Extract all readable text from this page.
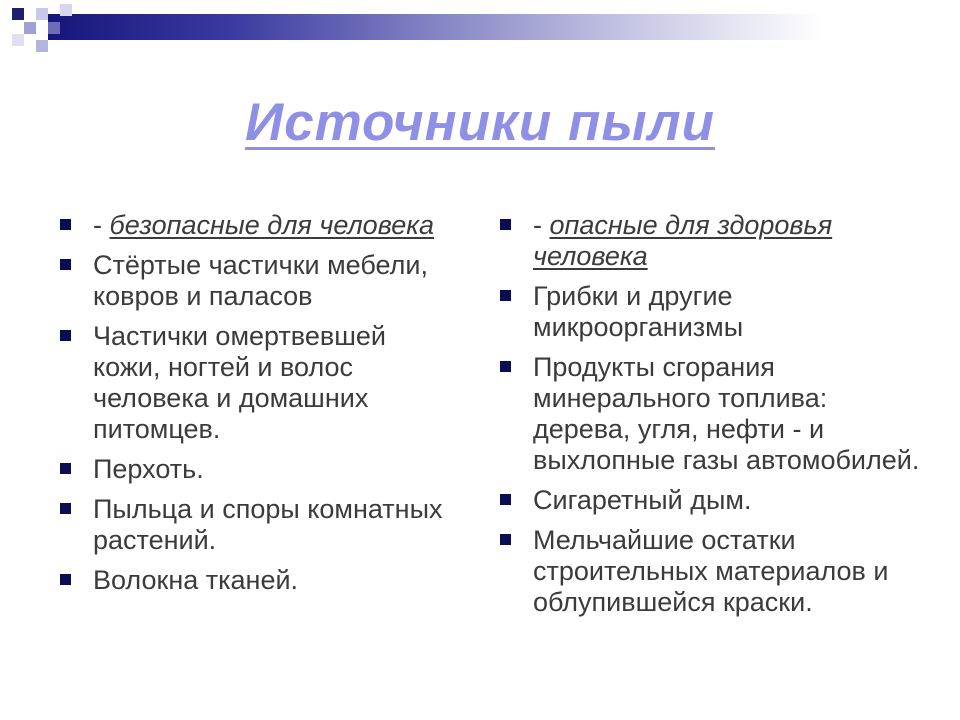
Источники пыли
- безопасные для человека
Стёртые частички мебели, ковров и паласов
Частички омертвевшей кожи, ногтей и волос человека и домашних питомцев.
Перхоть.
Пыльца и споры комнатных растений.
Волокна тканей.
- опасные для здоровья человека
Грибки и другие микроорганизмы
Продукты сгорания минерального топлива: дерева, угля, нефти - и выхлопные газы автомобилей.
Сигаретный дым.
Мельчайшие остатки строительных материалов и облупившейся краски.
